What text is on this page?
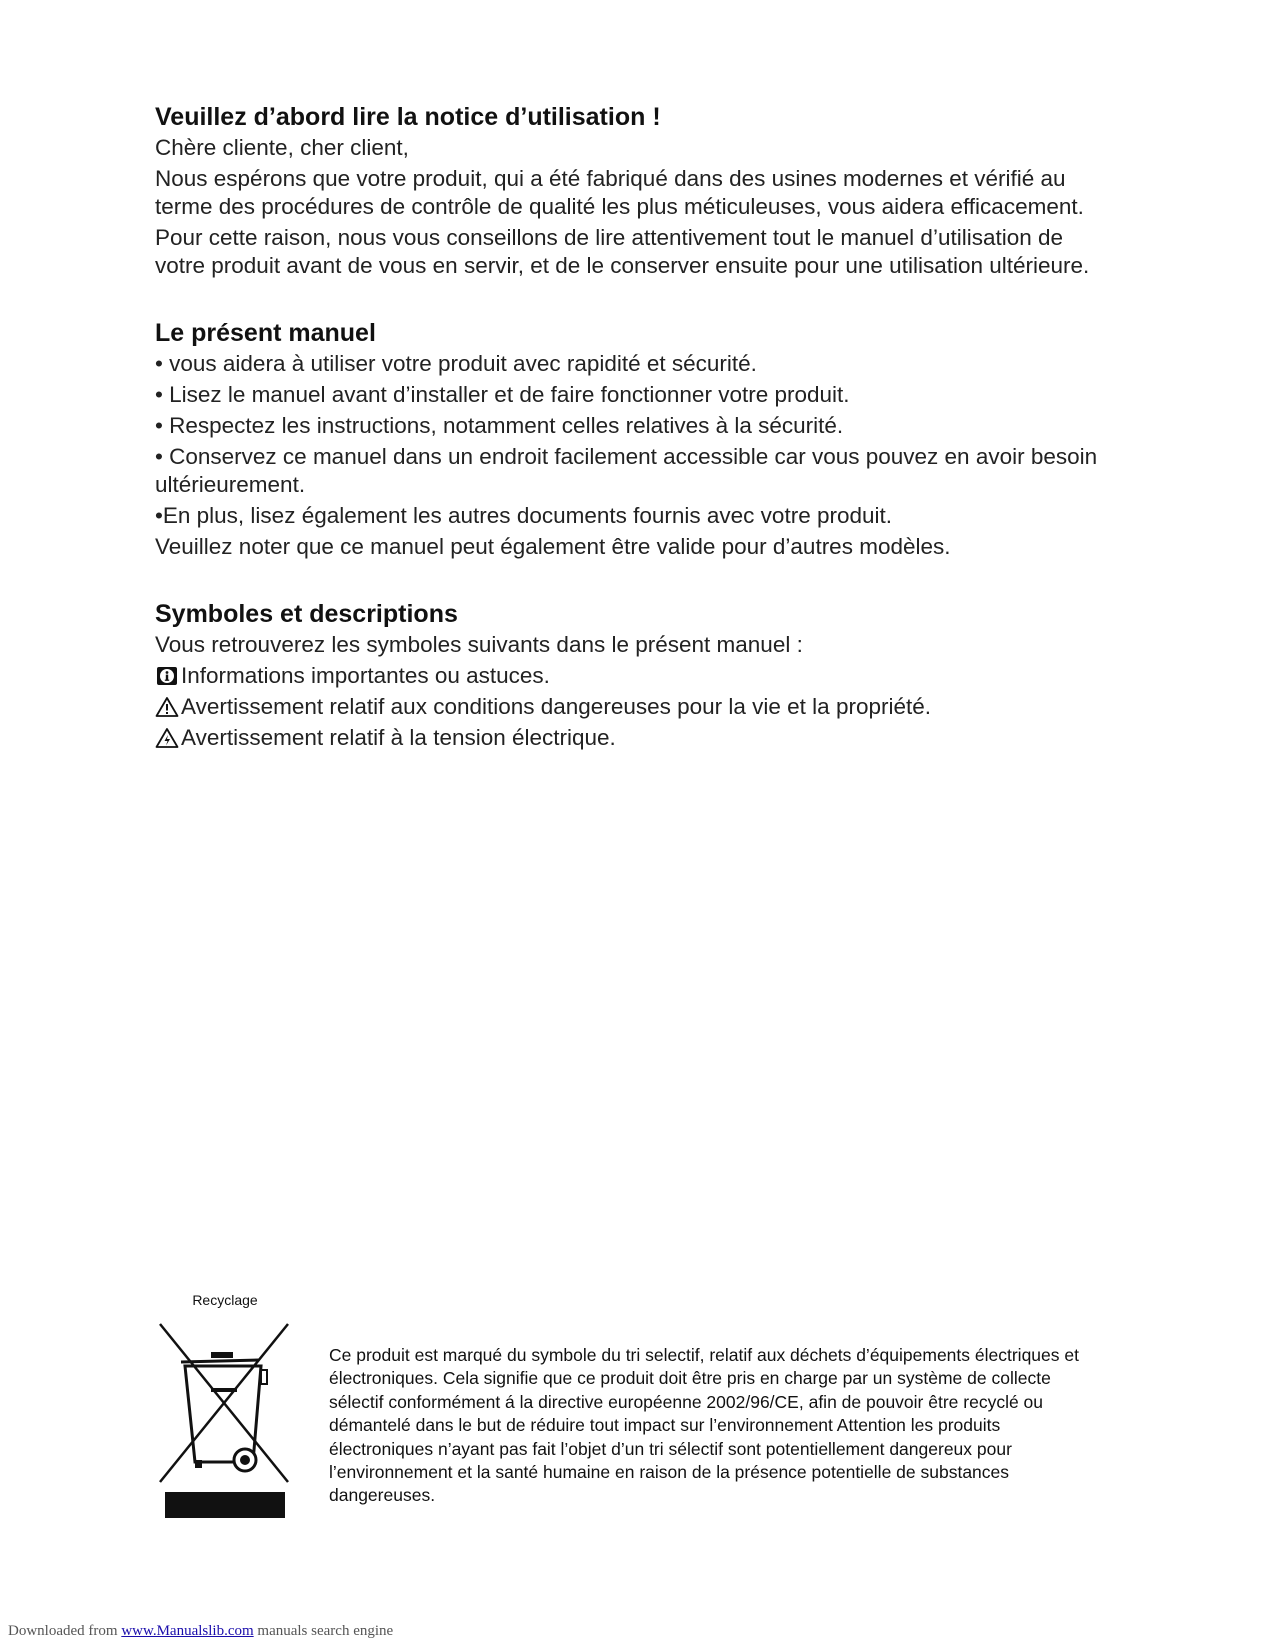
Veuillez d’abord lire la notice d’utilisation !

Chère cliente, cher client,

Nous espérons que votre produit, qui a été fabriqué dans des usines modernes et vérifié au terme des procédures de contrôle de qualité les plus méticuleuses, vous aidera efficacement.

Pour cette raison, nous vous conseillons de lire attentivement tout le manuel d’utilisation de votre produit avant de vous en servir, et de le conserver ensuite pour une utilisation ultérieure.

Le présent manuel

• vous aidera à utiliser votre produit avec rapidité et sécurité.

• Lisez le manuel avant d’installer et de faire fonctionner votre produit.

• Respectez les instructions, notamment celles relatives à la sécurité.

• Conservez ce manuel dans un endroit facilement accessible car vous pouvez en avoir besoin ultérieurement.

•En plus, lisez également les autres documents fournis avec votre produit.

Veuillez noter que ce manuel peut également être valide pour d’autres modèles.

Symboles et descriptions

Vous retrouverez les symboles suivants dans le présent manuel :

Informations importantes ou astuces.

Avertissement relatif aux conditions dangereuses pour la vie et la propriété.

Avertissement relatif à la tension électrique.

Recyclage

Ce produit est marqué du symbole du tri selectif, relatif aux déchets d’équipements électriques et électroniques. Cela signifie que ce produit doit être pris en charge par un système de collecte sélectif conformément á la directive européenne 2002/96/CE, afin de pouvoir être recyclé ou démantelé dans le but de réduire tout impact sur l’environnement Attention les produits électroniques n’ayant pas fait l’objet d’un tri sélectif sont potentiellement dangereux pour l’environnement et la santé humaine en raison de la présence potentielle de substances dangereuses.

Downloaded from www.Manualslib.com manuals search engine
